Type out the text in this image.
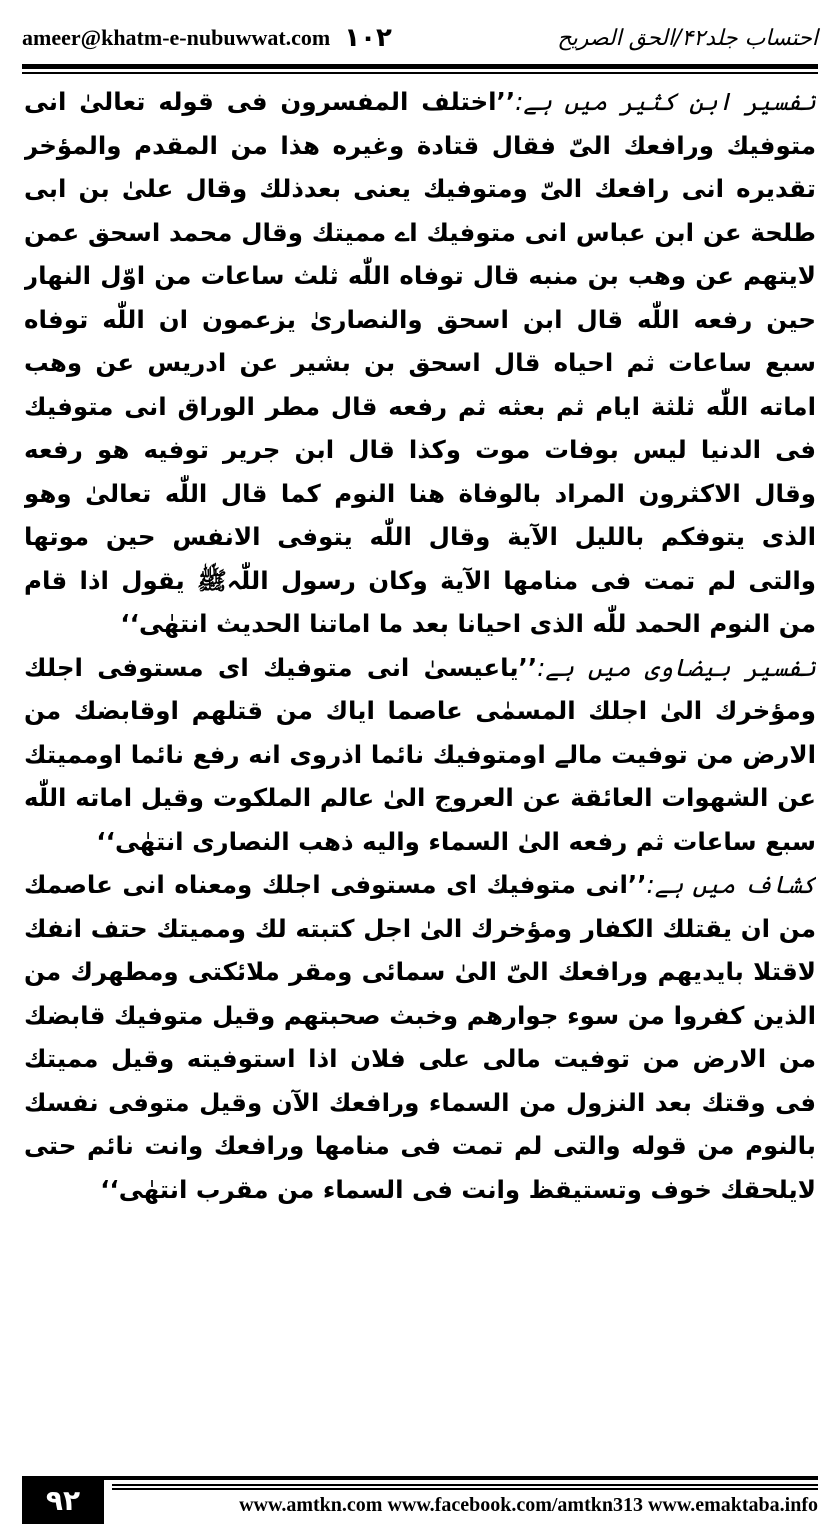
ameer@khatm-e-nubuwwat.com ١٠٢	احتساب جلد۴۲/الحق الصریح

تفسیر ابن کثیر میں ہے:’’اختلف المفسرون فی قوله تعالیٰ انی متوفیك ورافعك الیّ فقال قتادة وغیره هذا من المقدم والمؤخر تقدیره انی رافعك الیّ ومتوفیك یعنی بعدذلك وقال علیٰ بن ابی طلحة عن ابن عباس انی متوفیك اے ممیتك وقال محمد اسحق عمن لایتهم عن وهب بن منبه قال توفاه اللّٰه ثلث ساعات من اوّل النهار حین رفعه اللّٰه قال ابن اسحق والنصاریٰ یزعمون ان اللّٰه توفاه سبع ساعات ثم احیاه قال اسحق بن بشیر عن ادریس عن وهب اماته اللّٰه ثلثة ایام ثم بعثه ثم رفعه قال مطر الوراق انی متوفیك فی الدنیا لیس بوفات موت وكذا قال ابن جریر توفیه هو رفعه وقال الاكثرون المراد بالوفاة هنا النوم كما قال اللّٰه تعالیٰ وهو الذی یتوفكم باللیل الآیة وقال اللّٰه یتوفی الانفس حین موتها والتی لم تمت فی منامها الآیة وكان رسول اللّٰہﷺ یقول اذا قام من النوم الحمد للّٰه الذی احیانا بعد ما اماتنا الحدیث انتهٰی‘‘

تفسیر بیضاوی میں ہے:’’یاعیسیٰ انی متوفیك ای مستوفی اجلك ومؤخرك الیٰ اجلك المسمٰی عاصما ایاك من قتلهم اوقابضك من الارض من توفیت مالے اومتوفیك نائما اذروی انه رفع نائما اوممیتك عن الشهوات العائقة عن العروج الیٰ عالم الملكوت وقیل اماته اللّٰه سبع ساعات ثم رفعه الیٰ السماء والیه ذهب النصاری انتهٰی‘‘

کشاف میں ہے:’’انی متوفیك ای مستوفی اجلك ومعناه انی عاصمك من ان یقتلك الكفار ومؤخرك الیٰ اجل كتبته لك وممیتك حتف انفك لاقتلا بایدیهم ورافعك الیّ الیٰ سمائی ومقر ملائكتی ومطهرك من الذین كفروا من سوء جوارهم وخبث صحبتهم وقیل متوفیك قابضك من الارض من توفیت مالی علی فلان اذا استوفیته وقیل ممیتك فی وقتك بعد النزول من السماء ورافعك الآن وقیل متوفی نفسك بالنوم من قوله والتی لم تمت فی منامها ورافعك وانت نائم حتی لایلحقك خوف وتستیقظ وانت فی السماء من مقرب انتهٰی‘‘

۹۲	www.amtkn.com www.facebook.com/amtkn313 www.emaktaba.info
